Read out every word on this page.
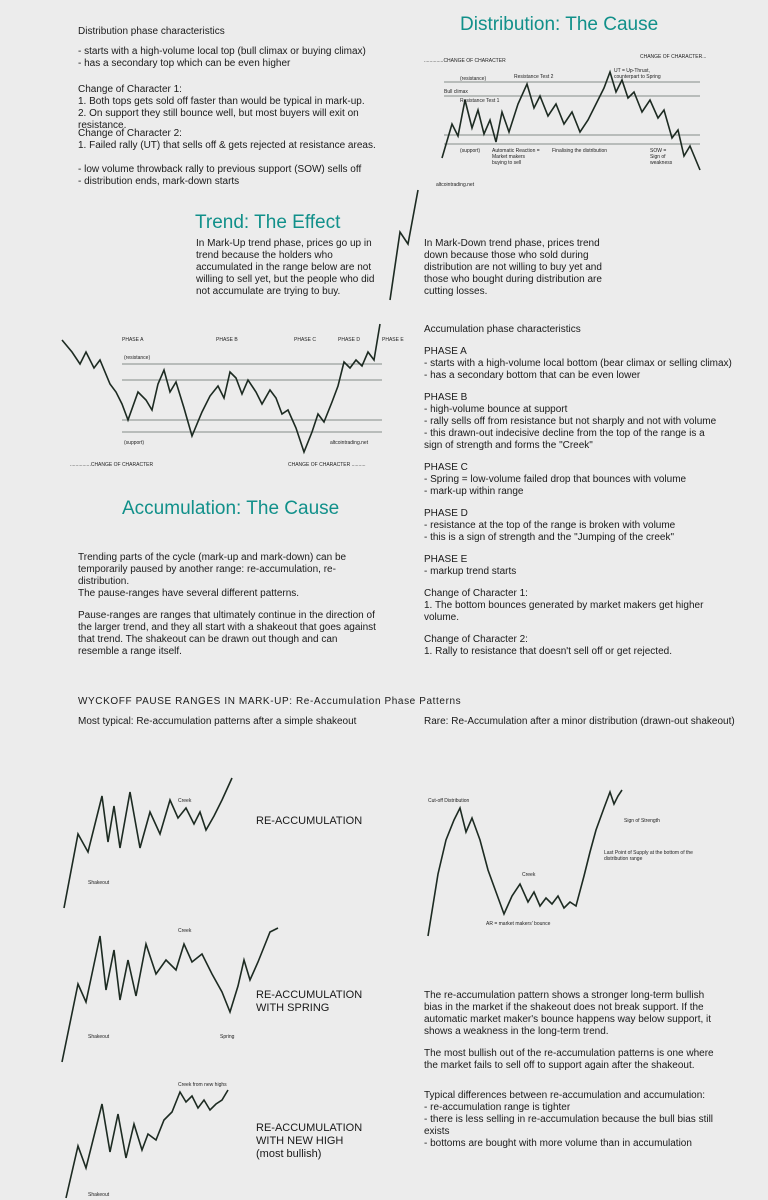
Distribution phase characteristics
- starts with a high-volume local top (bull climax or buying climax)
- has a secondary top which can be even higher
Change of Character 1:
1. Both tops gets sold off faster than would be typical in mark-up.
2. On support they still bounce well, but most buyers will exit on resistance.
Change of Character 2:
1. Failed rally (UT) that sells off & gets rejected at resistance areas.
- low volume throwback rally to previous support (SOW) sells off
- distribution ends, mark-down starts
Distribution: The Cause
Trend: The Effect
In Mark-Up trend phase, prices go up in trend because the holders who accumulated in the range below are not willing to sell yet, but the people who did not accumulate are trying to buy.
In Mark-Down trend phase, prices trend down because those who sold during distribution are not willing to buy yet and those who bought during distribution are cutting losses.
Accumulation: The Cause
Accumulation phase characteristics
PHASE A
- starts with a high-volume local bottom (bear climax or selling climax)
- has a secondary bottom that can be even lower
PHASE B
- high-volume bounce at support
- rally sells off from resistance but not sharply and not with volume
- this drawn-out indecisive decline from the top of the range is a sign of strength and forms the "Creek"
PHASE C
- Spring = low-volume failed drop that bounces with volume
- mark-up within range
PHASE D
- resistance at the top of the range is broken with volume
- this is a sign of strength and the "Jumping of the creek"
PHASE E
- markup trend starts
Change of Character 1:
1. The bottom bounces generated by market makers get higher volume.
Change of Character 2:
1. Rally to resistance that doesn't sell off or get rejected.
Trending parts of the cycle (mark-up and mark-down) can be temporarily paused by another range: re-accumulation, re-distribution.
The pause-ranges have several different patterns.
Pause-ranges are ranges that ultimately continue in the direction of the larger trend, and they all start with a shakeout that goes against that trend. The shakeout can be drawn out though and can resemble a range itself.
WYCKOFF PAUSE RANGES IN MARK-UP: Re-Accumulation Phase Patterns
Most typical: Re-accumulation patterns after a simple shakeout	Rare: Re-Accumulation after a minor distribution (drawn-out shakeout)
RE-ACCUMULATION
RE-ACCUMULATION
WITH SPRING
RE-ACCUMULATION
WITH NEW HIGH
(most bullish)
The re-accumulation pattern shows a stronger long-term bullish bias in the market if the shakeout does not break support. If the automatic market maker's bounce happens way below support, it shows a weakness in the long-term trend.
The most bullish out of the re-accumulation patterns is one where the market fails to sell off to support again after the shakeout.
Typical differences between re-accumulation and accumulation:
- re-accumulation range is tighter
- there is less selling in re-accumulation because the bull bias still exists
- bottoms are bought with more volume than in accumulation
..............CHANGE OF CHARACTER
CHANGE OF CHARACTER...
(resistance)	Resistance Test 2
UT = Up-Thrust,
counterpart to Spring
Bull climax
Resistance Test 1
(support) Automatic Reaction =
Market makers
buying to sell
Finalising the distribution	SOW =
Sign of
weakness
altcointrading.net
PHASE A	PHASE B	PHASE C	PHASE D	PHASE E
(resistance)
(support)	altcointrading.net
...............CHANGE OF CHARACTER	CHANGE OF CHARACTER ..........
Creek
Shakeout
Creek
Shakeout	Spring
Creek from new highs
Shakeout
Cut-off Distribution
Sign of Strength
Last Point of Supply at the bottom of the
distribution range
Creek
AR = market makers' bounce
